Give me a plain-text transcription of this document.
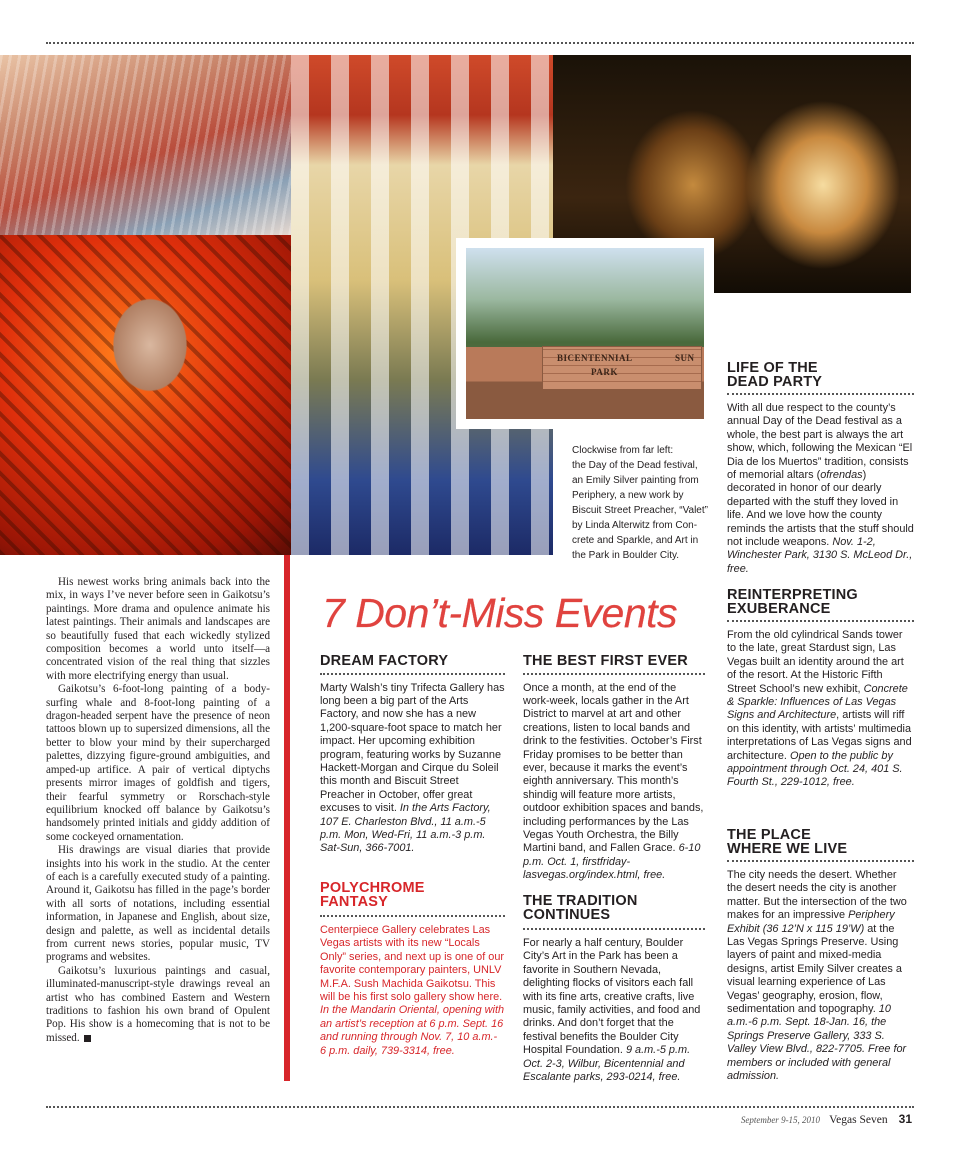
BICENTENNIAL
PARK
SUN
Clockwise from far left:
the Day of the Dead festival,
an Emily Silver painting from
Periphery, a new work by
Biscuit Street Preacher, “Valet”
by Linda Alterwitz from Con-
crete and Sparkle, and Art in
the Park in Boulder City.

His newest works bring animals back into the mix, in ways I’ve never before seen in Gaikotsu’s paintings. More drama and opulence animate his latest paintings. Their animals and landscapes are so beautifully fused that each wickedly stylized composition becomes a world unto itself—a concentrated vision of the real thing that sizzles with more electrifying energy than usual.

Gaikotsu’s 6-foot-long painting of a body-surfing whale and 8-foot-long painting of a dragon-headed serpent have the presence of neon tattoos blown up to supersized dimensions, all the better to blow your mind by their supercharged palettes, dizzying figure-ground ambiguities, and amped-up artifice. A pair of vertical diptychs presents mirror images of goldfish and tigers, their fearful symmetry or Rorschach-style equilibrium knocked off balance by Gaikotsu’s handsomely printed initials and giddy addition of some cockeyed ornamentation.

His drawings are visual diaries that provide insights into his work in the studio. At the center of each is a carefully executed study of a painting. Around it, Gaikotsu has filled in the page’s border with all sorts of notations, including essential information, in Japanese and English, about size, design and palette, as well as incidental details from current news stories, popular music, TV programs and websites.

Gaikotsu’s luxurious paintings and casual, illuminated-manuscript-style drawings reveal an artist who has combined Eastern and Western traditions to fashion his own brand of Opulent Pop. His show is a homecoming that is not to be missed.

7 Don’t-Miss Events
DREAM FACTORY
Marty Walsh’s tiny Trifecta Gallery has long been a big part of the Arts Factory, and now she has a new 1,200-square-foot space to match her impact. Her upcoming exhibition program, featuring works by Suzanne Hackett-Morgan and Cirque du Soleil this month and Biscuit Street Preacher in October, offer great excuses to visit. In the Arts Factory, 107 E. Charleston Blvd., 11 a.m.-5 p.m. Mon, Wed-Fri, 11 a.m.-3 p.m. Sat-Sun, 366-7001.
POLYCHROME FANTASY
Centerpiece Gallery celebrates Las Vegas artists with its new “Locals Only” series, and next up is one of our favorite contemporary painters, UNLV M.F.A. Sush Machida Gaikotsu. This will be his first solo gallery show here. In the Mandarin Oriental, opening with an artist’s reception at 6 p.m. Sept. 16 and running through Nov. 7, 10 a.m.- 6 p.m. daily, 739-3314, free.
THE BEST FIRST EVER
Once a month, at the end of the work-week, locals gather in the Art District to marvel at art and other creations, listen to local bands and drink to the festivities. October’s First Friday promises to be better than ever, because it marks the event’s eighth anniversary. This month’s shindig will feature more artists, outdoor exhibition spaces and bands, including performances by the Las Vegas Youth Orchestra, the Billy Martini band, and Fallen Grace. 6-10 p.m. Oct. 1, firstfriday-lasvegas.org/index.html, free.
THE TRADITION CONTINUES
For nearly a half century, Boulder City’s Art in the Park has been a favorite in Southern Nevada, delighting flocks of visitors each fall with its fine arts, creative crafts, live music, family activities, and food and drinks. And don’t forget that the festival benefits the Boulder City Hospital Foundation. 9 a.m.-5 p.m. Oct. 2-3, Wilbur, Bicentennial and Escalante parks, 293-0214, free.
LIFE OF THE DEAD PARTY
With all due respect to the county’s annual Day of the Dead festival as a whole, the best part is always the art show, which, following the Mexican “El Dia de los Muertos” tradition, consists of memorial altars (ofrendas) decorated in honor of our dearly departed with the stuff they loved in life. And we love how the county reminds the artists that the stuff should not include weapons. Nov. 1-2, Winchester Park, 3130 S. McLeod Dr., free.
REINTERPRETING EXUBERANCE
From the old cylindrical Sands tower to the late, great Stardust sign, Las Vegas built an identity around the art of the resort. At the Historic Fifth Street School’s new exhibit, Concrete & Sparkle: Influences of Las Vegas Signs and Architecture, artists will riff on this identity, with artists’ multimedia interpretations of Las Vegas signs and architecture. Open to the public by appointment through Oct. 24, 401 S. Fourth St., 229-1012, free.
THE PLACE WHERE WE LIVE
The city needs the desert. Whether the desert needs the city is another matter. But the intersection of the two makes for an impressive Periphery Exhibit (36 12’N x 115 19’W) at the Las Vegas Springs Preserve. Using layers of paint and mixed-media designs, artist Emily Silver creates a visual learning experience of Las Vegas’ geography, erosion, flow, sedimentation and topography. 10 a.m.-6 p.m. Sept. 18-Jan. 16, the Springs Preserve Gallery, 333 S. Valley View Blvd., 822-7705. Free for members or included with general admission.
September 9-15, 2010 Vegas Seven 31
